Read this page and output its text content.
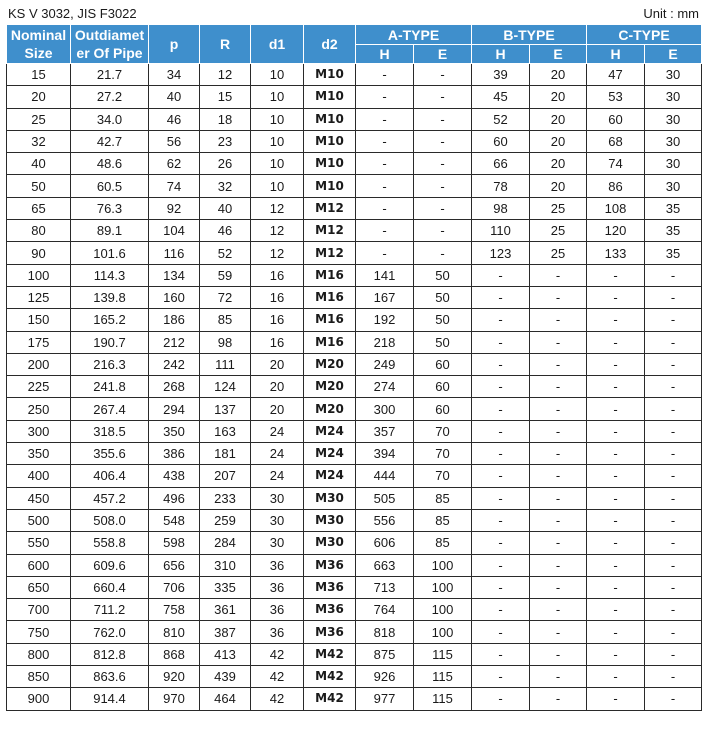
KS V 3032, JIS F3022	Unit : mm
Nominal Size	Outdiamet er Of Pipe	p	R	d1	d2	A-TYPE		B-TYPE		C-TYPE	
						H	E	H	E	H	E
15	21.7	34	12	10	M10	-	-	39	20	47	30
20	27.2	40	15	10	M10	-	-	45	20	53	30
25	34.0	46	18	10	M10	-	-	52	20	60	30
32	42.7	56	23	10	M10	-	-	60	20	68	30
40	48.6	62	26	10	M10	-	-	66	20	74	30
50	60.5	74	32	10	M10	-	-	78	20	86	30
65	76.3	92	40	12	M12	-	-	98	25	108	35
80	89.1	104	46	12	M12	-	-	110	25	120	35
90	101.6	116	52	12	M12	-	-	123	25	133	35
100	114.3	134	59	16	M16	141	50	-	-	-	-
125	139.8	160	72	16	M16	167	50	-	-	-	-
150	165.2	186	85	16	M16	192	50	-	-	-	-
175	190.7	212	98	16	M16	218	50	-	-	-	-
200	216.3	242	111	20	M20	249	60	-	-	-	-
225	241.8	268	124	20	M20	274	60	-	-	-	-
250	267.4	294	137	20	M20	300	60	-	-	-	-
300	318.5	350	163	24	M24	357	70	-	-	-	-
350	355.6	386	181	24	M24	394	70	-	-	-	-
400	406.4	438	207	24	M24	444	70	-	-	-	-
450	457.2	496	233	30	M30	505	85	-	-	-	-
500	508.0	548	259	30	M30	556	85	-	-	-	-
550	558.8	598	284	30	M30	606	85	-	-	-	-
600	609.6	656	310	36	M36	663	100	-	-	-	-
650	660.4	706	335	36	M36	713	100	-	-	-	-
700	711.2	758	361	36	M36	764	100	-	-	-	-
750	762.0	810	387	36	M36	818	100	-	-	-	-
800	812.8	868	413	42	M42	875	115	-	-	-	-
850	863.6	920	439	42	M42	926	115	-	-	-	-
900	914.4	970	464	42	M42	977	115	-	-	-	-
